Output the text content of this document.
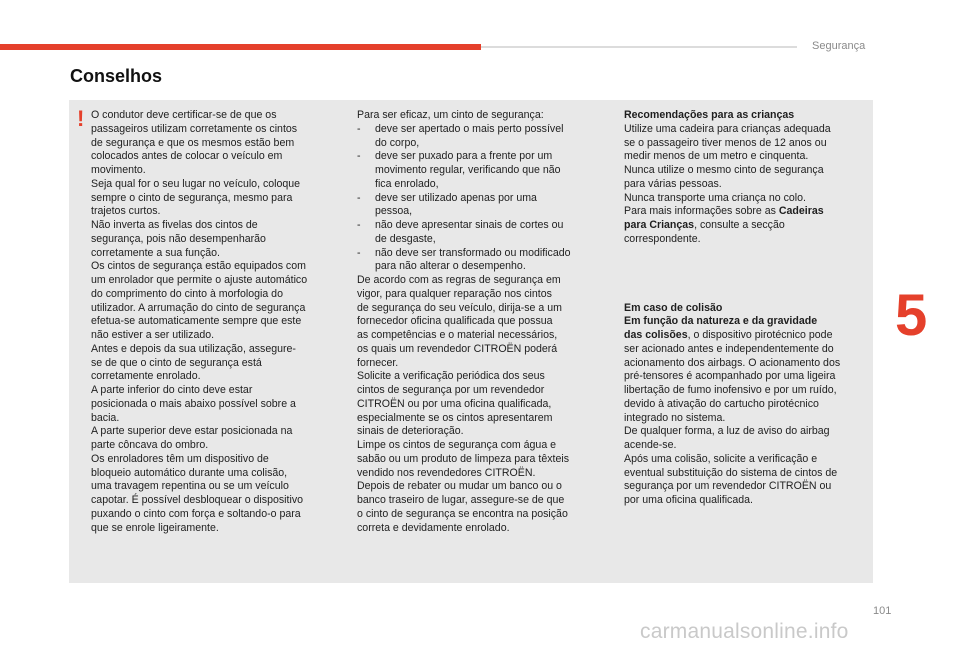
Segurança
Conselhos
! O condutor deve certificar-se de que os
passageiros utilizam corretamente os cintos
de segurança e que os mesmos estão bem
colocados antes de colocar o veículo em
movimento.
Seja qual for o seu lugar no veículo, coloque
sempre o cinto de segurança, mesmo para
trajetos curtos.
Não inverta as fivelas dos cintos de
segurança, pois não desempenharão
corretamente a sua função.
Os cintos de segurança estão equipados com
um enrolador que permite o ajuste automático
do comprimento do cinto à morfologia do
utilizador. A arrumação do cinto de segurança
efetua-se automaticamente sempre que este
não estiver a ser utilizado.
Antes e depois da sua utilização, assegure-
se de que o cinto de segurança está
corretamente enrolado.
A parte inferior do cinto deve estar
posicionada o mais abaixo possível sobre a
bacia.
A parte superior deve estar posicionada na
parte côncava do ombro.
Os enroladores têm um dispositivo de
bloqueio automático durante uma colisão,
uma travagem repentina ou se um veículo
capotar. É possível desbloquear o dispositivo
puxando o cinto com força e soltando-o para
que se enrole ligeiramente.

Para ser eficaz, um cinto de segurança:

- deve ser apertado o mais perto possível
do corpo,

- deve ser puxado para a frente por um
movimento regular, verificando que não
fica enrolado,

- deve ser utilizado apenas por uma
pessoa,

- não deve apresentar sinais de cortes ou
de desgaste,

- não deve ser transformado ou modificado
para não alterar o desempenho.

De acordo com as regras de segurança em
vigor, para qualquer reparação nos cintos
de segurança do seu veículo, dirija-se a um
fornecedor oficina qualificada que possua
as competências e o material necessários,
os quais um revendedor CITROËN poderá
fornecer.
Solicite a verificação periódica dos seus
cintos de segurança por um revendedor
CITROËN ou por uma oficina qualificada,
especialmente se os cintos apresentarem
sinais de deterioração.
Limpe os cintos de segurança com água e
sabão ou um produto de limpeza para têxteis
vendido nos revendedores CITROËN.
Depois de rebater ou mudar um banco ou o
banco traseiro de lugar, assegure-se de que
o cinto de segurança se encontra na posição
correta e devidamente enrolado.

Recomendações para as crianças

Utilize uma cadeira para crianças adequada
se o passageiro tiver menos de 12 anos ou
medir menos de um metro e cinquenta.
Nunca utilize o mesmo cinto de segurança
para várias pessoas.
Nunca transporte uma criança no colo.
Para mais informações sobre as Cadeiras
para Crianças, consulte a secção
correspondente.

Em caso de colisão

Em função da natureza e da gravidade
das colisões, o dispositivo pirotécnico pode
ser acionado antes e independentemente do
acionamento dos airbags. O acionamento dos
pré-tensores é acompanhado por uma ligeira
libertação de fumo inofensivo e por um ruído,
devido à ativação do cartucho pirotécnico
integrado no sistema.
De qualquer forma, a luz de aviso do airbag
acende-se.
Após uma colisão, solicite a verificação e
eventual substituição do sistema de cintos de
segurança por um revendedor CITROËN ou
por uma oficina qualificada.

5
101
carmanualsonline.info
